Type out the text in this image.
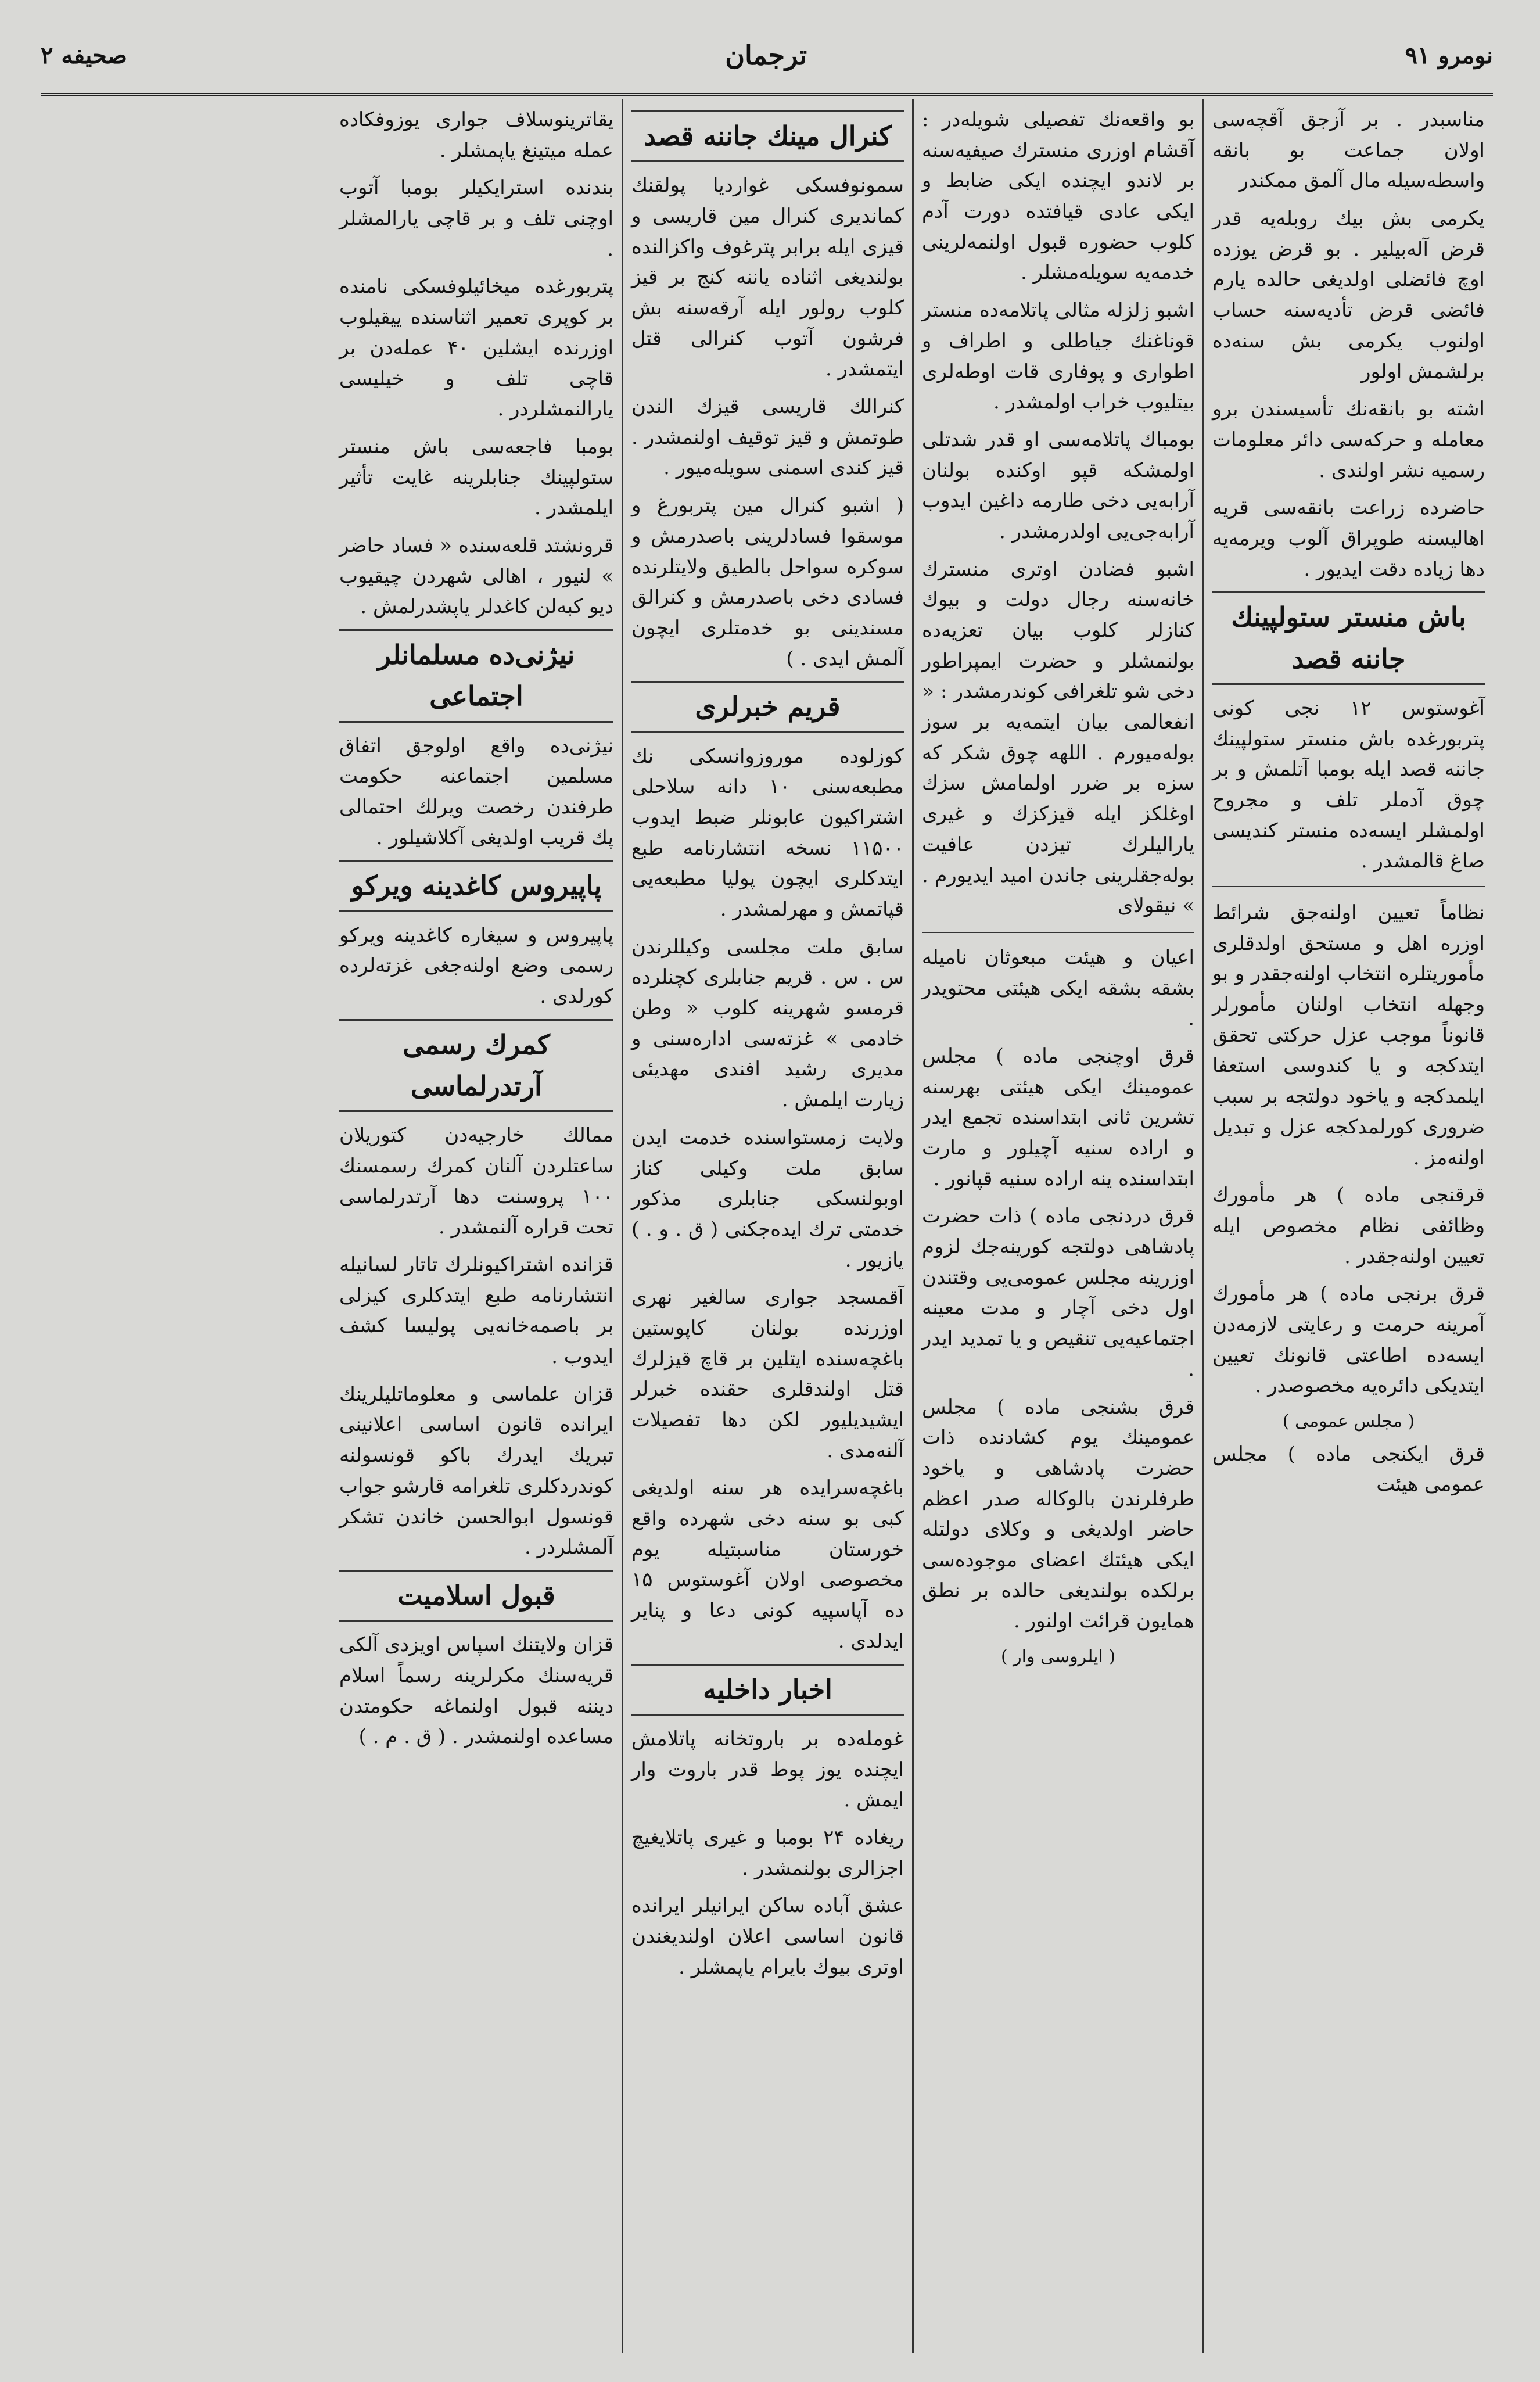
نومرو ۹۱
ترجمان
صحیفه ۲

مناسبدر . بر آزجق آقچه‌سی اولان جماعت بو بانقه واسطه‌سیله مال آلمق ممکندر

یکرمی بش بیك روبله‌یه قدر قرض آله‌بیلیر . بو قرض یوزده اوچ فائضلی اولدیغی حالده یارم فائضی قرض تأدیه‌سنه حساب اولنوب یکرمی بش سنه‌ده برلشمش اولور

اشته بو بانقه‌نك تأسیسندن برو معامله و حرکه‌سی دائر معلومات رسمیه نشر اولندی .

حاضرده زراعت بانقه‌سی قریه اهالیسنه طوپراق آلوب ویرمه‌یه دها زیاده دقت ایدیور .

باش منستر ستولپینك جاننه قصد

آغوستوس ۱۲ نجی کونی پتربورغده باش منستر ستولپینك جاننه قصد ایله بومبا آتلمش و بر چوق آدملر تلف و مجروح اولمشلر ایسه‌ده منستر کندیسی صاغ قالمشدر .

نظاماً تعیین اولنه‌جق شرائط اوزره اهل و مستحق اولدقلری مأموریتلره انتخاب اولنه‌جقدر و بو وجهله انتخاب اولنان مأمورلر قانوناً موجب عزل حرکتی تحقق ایتدکجه و یا کندوسی استعفا ایلمدکجه و یاخود دولتجه بر سبب ضروری کورلمدکجه عزل و تبدیل اولنه‌مز .

قرقنجی ماده ) هر مأمورك وظائفی نظام مخصوص ایله تعیین اولنه‌جقدر .

قرق برنجی ماده ) هر مأمورك آمرینه حرمت و رعایتی لازمه‌دن ایسه‌ده اطاعتی قانونك تعیین ایتدیکی دائره‌یه مخصوصدر .

( مجلس عمومی )

قرق ایکنجی ماده ) مجلس عمومی هیئت

بو واقعه‌نك تفصیلی شویله‌در : آقشام اوزری منسترك صیفیه‌سنه بر لاندو ایچنده ایکی ضابط و ایکی عادی قیافتده دورت آدم کلوب حضوره قبول اولنمه‌لرینی خدمه‌یه سویله‌مشلر .

اشبو زلزله مثالی پاتلامه‌ده منستر قوناغنك جیاطلی و اطراف و اطواری و پوفاری قات اوطه‌لری بیتلیوب خراب اولمشدر .

بومباك پاتلامه‌سی او قدر شدتلی اولمشکه قپو اوکنده بولنان آرابه‌یی دخی طارمه داغین ایدوب آرابه‌جی‌یی اولدرمشدر .

اشبو فضادن اوتری منسترك خانه‌سنه رجال دولت و بیوك کنازلر کلوب بیان تعزیه‌ده بولنمشلر و حضرت ایمپراطور دخی شو تلغرافی کوندرمشدر : « انفعالمی بیان ایتمه‌یه بر سوز بوله‌میورم . اللهه چوق شکر که سزه بر ضرر اولمامش سزك اوغلکز ایله قیزکزك و غیری یارالیلرك تیزدن عافیت بوله‌جقلرینی جاندن امید ایدیورم . » نیقولای

اعیان و هیئت مبعوثان نامیله بشقه بشقه ایکی هیئتی محتویدر .

قرق اوچنجی ماده ) مجلس عمومینك ایکی هیئتی بهرسنه تشرین ثانی ابتداسنده تجمع ایدر و اراده سنیه آچیلور و مارت ابتداسنده ینه اراده سنیه قپانور .

قرق دردنجی ماده ) ذات حضرت پادشاهی دولتجه کورینه‌جك لزوم اوزرینه مجلس عمومی‌یی وقتندن اول دخی آچار و مدت معینه اجتماعیه‌یی تنقیص و یا تمدید ایدر .

قرق بشنجی ماده ) مجلس عمومینك یوم کشادنده ذات حضرت پادشاهی و یاخود طرفلرندن بالوکاله صدر اعظم حاضر اولدیغی و وکلای دولتله ایکی هیئتك اعضای موجوده‌سی برلکده بولندیغی حالده بر نطق همایون قرائت اولنور .

( ایلروسی وار )
کنرال مینك جاننه قصد

سمونوفسکی غواردیا پولقنك کماندیری کنرال مین قاریسی و قیزی ایله برابر پترغوف واکزالنده بولندیغی اثناده یاننه کنج بر قیز کلوب رولور ایله آرقه‌سنه بش فرشون آتوب کنرالی قتل ایتمشدر .

کنرالك قاریسی قیزك الندن طوتمش و قیز توقیف اولنمشدر . قیز کندی اسمنی سویله‌میور .

( اشبو کنرال مین پتربورغ و موسقوا فسادلرینی باصدرمش و سوکره سواحل بالطیق ولایتلرنده فسادی دخی باصدرمش و کنرالق مسندینی بو خدمتلری ایچون آلمش ایدی . )

قریم خبرلری

کوزلوده موروزوانسکی نك مطبعه‌سنی ۱۰ دانه سلاحلی اشتراکیون عابونلر ضبط ایدوب ۱۱۵۰۰ نسخه انتشارنامه طبع ایتدکلری ایچون پولیا مطبعه‌یی قپاتمش و مهرلمشدر .

سابق ملت مجلسی وکیللرندن س . س . قریم جنابلری کچنلرده قرمسو شهرینه کلوب « وطن خادمی » غزته‌سی اداره‌سنی و مدیری رشید افندی مهدیئی زیارت ایلمش .

ولایت زمستواسنده خدمت ایدن سابق ملت وکیلی کناز اوبولنسکی جنابلری مذکور خدمتی ترك ایده‌جکنی ( ق . و . ) یازیور .

آقمسجد جواری سالغیر نهری اوزرنده بولنان کاپوستین باغچه‌سنده ایتلین بر قاچ قیزلرك قتل اولندقلری حقنده خبرلر ایشیدیلیور لکن دها تفصیلات آلنه‌مدی .

باغچه‌سرایده هر سنه اولدیغی کبی بو سنه دخی شهرده واقع خورستان مناسبتیله یوم مخصوصی اولان آغوستوس ۱۵ ده آپاسپیه کونی دعا و پنایر ایدلدی .

اخبار داخلیه

غومله‌ده بر باروتخانه پاتلامش ایچنده یوز پوط قدر باروت وار ایمش .

ریغاده ۲۴ بومبا و غیری پاتلایغیچ اجزالری بولنمشدر .

عشق آباده ساکن ایرانیلر ایرانده قانون اساسی اعلان اولندیغندن اوتری بیوك بایرام یاپمشلر .

یقاترینوسلاف جواری یوزوفکاده عمله میتینغ یاپمشلر .

بندنده استرایکیلر بومبا آتوب اوچنی تلف و بر قاچی یارالمشلر .

پتربورغده میخائیلوفسکی نامنده بر کوپری تعمیر اثناسنده ییقیلوب اوزرنده ایشلین ۴۰ عمله‌دن بر قاچی تلف و خیلیسی یارالنمشلردر .

بومبا فاجعه‌سی باش منستر ستولپینك جنابلرینه غایت تأثیر ایلمشدر .

قرونشتد قلعه‌سنده « فساد حاضر » لنیور ، اهالی شهردن چیقیوب دیو کبه‌لن کاغدلر یاپشدرلمش .

نیژنی‌ده مسلمانلر اجتماعی

نیژنی‌ده واقع اولوجق اتفاق مسلمین اجتماعنه حکومت طرفندن رخصت ویرلك احتمالی پك قریب اولدیغی آکلاشیلور .

پاپیروس کاغدینه ویرکو

پاپیروس و سیغاره کاغدینه ویرکو رسمی وضع اولنه‌جغی غزته‌لرده کورلدی .

کمرك رسمی آرتدرلماسی

ممالك خارجیه‌دن کتوریلان ساعتلردن آلنان کمرك رسمسنك ۱۰۰ پروسنت دها آرتدرلماسی تحت قراره آلنمشدر .

قزانده اشتراکیونلرك تاتار لسانیله انتشارنامه طبع ایتدکلری کیزلی بر باصمه‌خانه‌یی پولیسا کشف ایدوب .

قزان علماسی و معلوماتلیلرینك ایرانده قانون اساسی اعلانینی تبریك ایدرك باکو قونسولنه کوندردکلری تلغرامه قارشو جواب قونسول ابوالحسن خاندن تشکر آلمشلردر .

قبول اسلامیت

قزان ولایتنك اسپاس اویزدی آلکی قریه‌سنك مکرلرینه رسماً اسلام دیننه قبول اولنماغه حکومتدن مساعده اولنمشدر . ( ق . م . )
